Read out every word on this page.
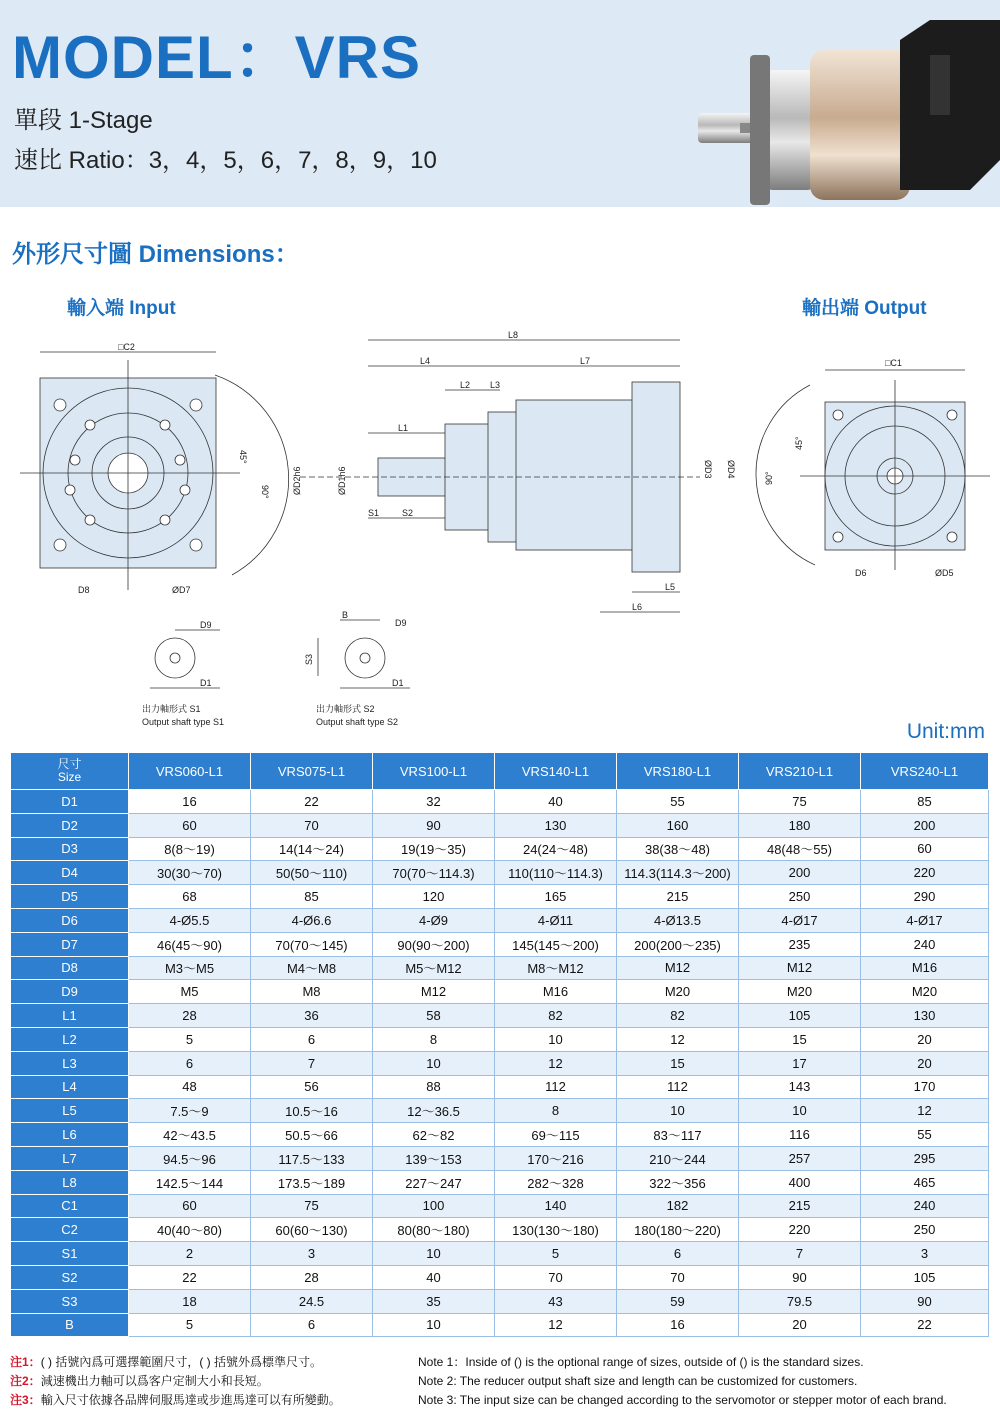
MODEL：VRS
單段 1-Stage
速比 Ratio：3，4，5，6，7，8，9，10
外形尺寸圖 Dimensions：
輸入端 Input	輸出端 Output
□C2
45°
90°
D8	ØD7
L8
L4	L7
L2 L3
L1
S1	S2
ØD2h6	ØD1h6	ØD3 ØD4
L5
L6
□C1
45°
90°
D6	ØD5
D9
D1
出力軸形式 S1
Output shaft type S1
B
D9
S3
D1
出力軸形式 S2
Output shaft type S2	Unit:mm
尺寸
Size	VRS060-L1	VRS075-L1	VRS100-L1	VRS140-L1	VRS180-L1	VRS210-L1	VRS240-L1
D1	16	22	32	40	55	75	85
D2	60	70	90	130	160	180	200
D3	8(8～19)	14(14～24)	19(19～35)	24(24～48)	38(38～48)	48(48～55)	60
D4	30(30～70)	50(50～110)	70(70～114.3)	110(110～114.3)	114.3(114.3～200)	200	220
D5	68	85	120	165	215	250	290
D6	4-Ø5.5	4-Ø6.6	4-Ø9	4-Ø11	4-Ø13.5	4-Ø17	4-Ø17
D7	46(45～90)	70(70～145)	90(90～200)	145(145～200)	200(200～235)	235	240
D8	M3～M5	M4～M8	M5～M12	M8～M12	M12	M12	M16
D9	M5	M8	M12	M16	M20	M20	M20
L1	28	36	58	82	82	105	130
L2	5	6	8	10	12	15	20
L3	6	7	10	12	15	17	20
L4	48	56	88	112	112	143	170
L5	7.5～9	10.5～16	12～36.5	8	10	10	12
L6	42～43.5	50.5～66	62～82	69～115	83～117	116	55
L7	94.5～96	117.5～133	139～153	170～216	210～244	257	295
L8	142.5～144	173.5～189	227～247	282～328	322～356	400	465
C1	60	75	100	140	182	215	240
C2	40(40～80)	60(60～130)	80(80～180)	130(130～180)	180(180～220)	220	250
S1	2	3	10	5	6	7	3
S2	22	28	40	70	70	90	105
S3	18	24.5	35	43	59	79.5	90
B	5	6	10	12	16	20	22
注1：( ) 括號內爲可選擇範圍尺寸，( ) 括號外爲標準尺寸。
注2：減速機出力軸可以爲客户定制大小和長短。
注3：輸入尺寸依據各品牌伺服馬達或步進馬達可以有所變動。
Note 1：Inside of () is the optional range of sizes, outside of () is the standard sizes.
Note 2: The reducer output shaft size and length can be customized for customers.
Note 3: The input size can be changed according to the servomotor or stepper motor of each brand.
